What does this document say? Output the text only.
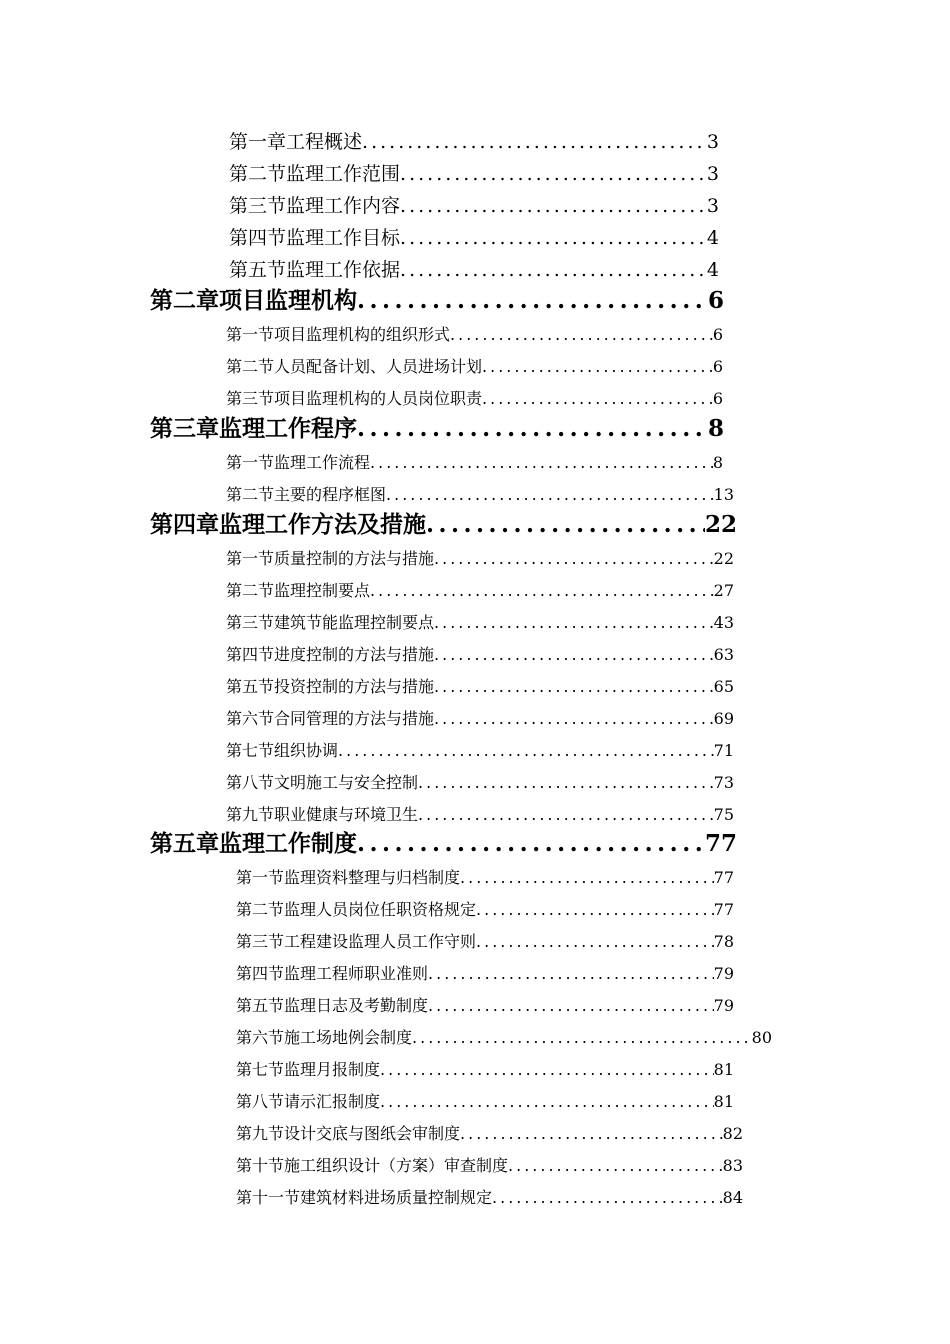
第一章 工程概述 .....	3
第二节 监理工作范围 .....	3
第三节 监理工作内容 .....	3
第四节 监理工作目标 .....	4
第五节 监理工作依据 .....	4
第二章 项目监理机构 .....	6
第一节 项目监理机构的组织形式 .....	6
第二节 人员配备计划、人员进场计划 .....	6
第三节 项目监理机构的人员岗位职责 .....	6
第三章 监理工作程序 .....	8
第一节 监理工作流程 .....	8
第二节 主要的程序框图 .....	13
第四章 监理工作方法及措施 .....	22
第一节 质量控制的方法与措施 .....	22
第二节 监理控制要点 .....	27
第三节 建筑节能监理控制要点 .....	43
第四节 进度控制的方法与措施 .....	63
第五节 投资控制的方法与措施 .....	65
第六节 合同管理的方法与措施 .....	69
第七节 组织协调 .....	71
第八节 文明施工与安全控制 .....	73
第九节 职业健康与环境卫生 .....	75
第五章 监理工作制度 .....	77
第一节 监理资料整理与归档制度 .....	77
第二节 监理人员岗位任职资格规定 .....	77
第三节 工程建设监理人员工作守则 .....	78
第四节 监理工程师职业准则 .....	79
第五节 监理日志及考勤制度 .....	79
第六节 施工场地例会制度 .....	80
第七节 监理月报制度 .....	81
第八节 请示汇报制度 .....	81
第九节 设计交底与图纸会审制度 .....	82
第十节 施工组织设计（方案）审查制度 .....	83
第十一节 建筑材料进场质量控制规定 .....	84
